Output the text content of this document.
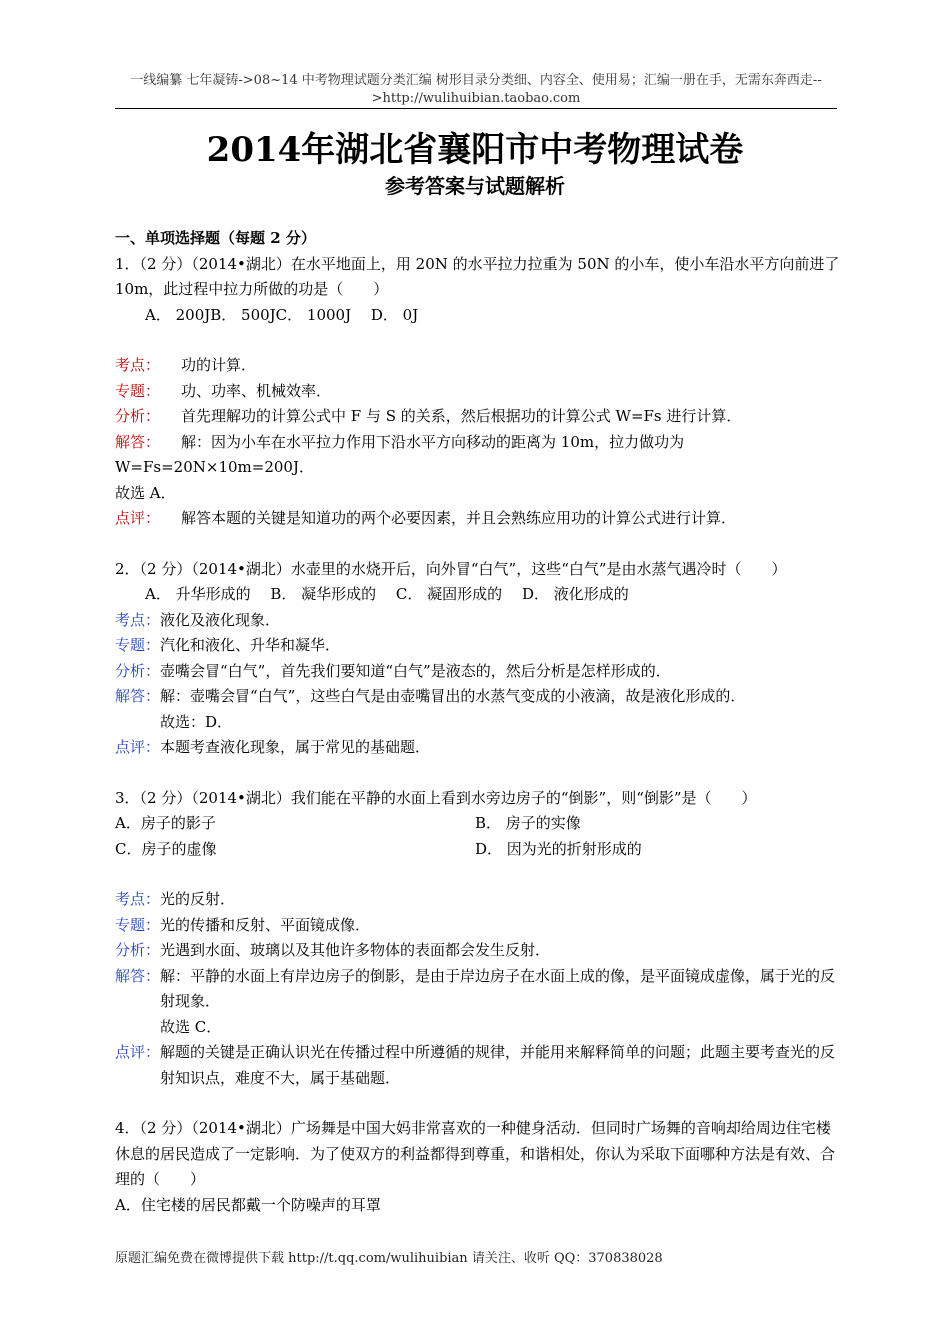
一线编纂 七年凝铸->08~14 中考物理试题分类汇编 树形目录分类细、内容全、使用易；汇编一册在手，无需东奔西走--
>http://wulihuibian.taobao.com
2014年湖北省襄阳市中考物理试卷
参考答案与试题解析

一、单项选择题（每题 2 分）

1．（2 分）（2014•湖北）在水平地面上，用 20N 的水平拉力拉重为 50N 的小车，使小车沿水平方向前进了 10m，此过程中拉力所做的功是（　　）

A． 200JB． 500JC． 1000J　 D． 0J

考点： 功的计算．

专题： 功、功率、机械效率．

分析： 首先理解功的计算公式中 F 与 S 的关系，然后根据功的计算公式 W=Fs 进行计算．

解答： 解：因为小车在水平拉力作用下沿水平方向移动的距离为 10m，拉力做功为

W=Fs=20N×10m=200J．

故选 A．

点评： 解答本题的关键是知道功的两个必要因素，并且会熟练应用功的计算公式进行计算．

2．（2 分）（2014•湖北）水壶里的水烧开后，向外冒“白气”，这些“白气”是由水蒸气遇冷时（　　）

A． 升华形成的　 B． 凝华形成的　 C． 凝固形成的　 D． 液化形成的

考点： 液化及液化现象．
专题： 汽化和液化、升华和凝华．
分析： 壶嘴会冒“白气”，首先我们要知道“白气”是液态的，然后分析是怎样形成的．
解答： 解：壶嘴会冒“白气”，这些白气是由壶嘴冒出的水蒸气变成的小液滴，故是液化形成的．
故选：D．
点评： 本题考查液化现象，属于常见的基础题．

3．（2 分）（2014•湖北）我们能在平静的水面上看到水旁边房子的“倒影”，则“倒影”是（　　）

A．房子的影子	B． 房子的实像
C．房子的虚像	D． 因为光的折射形成的
考点： 光的反射．
专题： 光的传播和反射、平面镜成像．
分析： 光遇到水面、玻璃以及其他许多物体的表面都会发生反射．
解答： 解：平静的水面上有岸边房子的倒影，是由于岸边房子在水面上成的像，是平面镜成虚像，属于光的反射现象．
故选 C．
点评： 解题的关键是正确认识光在传播过程中所遵循的规律，并能用来解释简单的问题；此题主要考查光的反射知识点，难度不大，属于基础题．

4．（2 分）（2014•湖北）广场舞是中国大妈非常喜欢的一种健身活动．但同时广场舞的音响却给周边住宅楼休息的居民造成了一定影响．为了使双方的利益都得到尊重，和谐相处，你认为采取下面哪种方法是有效、合理的（　　）

A．住宅楼的居民都戴一个防噪声的耳罩

原题汇编免费在微博提供下载 http://t.qq.com/wulihuibian 请关注、收听 QQ：370838028
